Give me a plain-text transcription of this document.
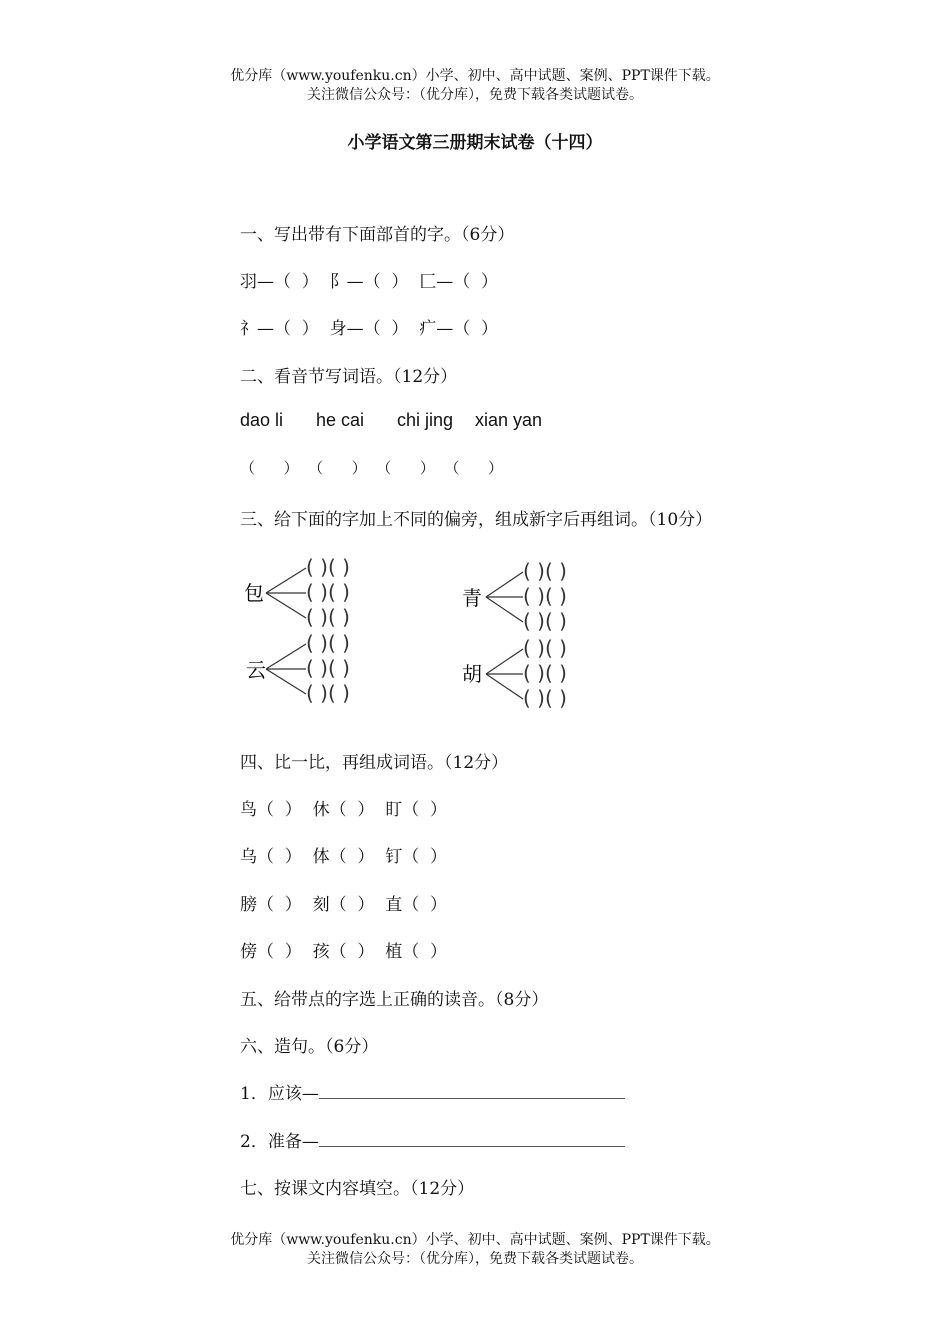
优分库（www.youfenku.cn）小学、初中、高中试题、案例、PPT课件下载。
关注微信公众号：（优分库），免费下载各类试题试卷。
小学语文第三册期末试卷（十四）
一、写出带有下面部首的字。（6分）
羽—（  ）  阝—（  ）  匚—（  ）
礻—（  ）  身—（  ）  疒—（  ）
二、看音节写词语。（12分）
dao li he cai chi jing xian yan
（      ）  （      ）  （      ）  （      ）
三、给下面的字加上不同的偏旁，组成新字后再组词。（10分）
包	青
云	胡
( )( )
( )( )
( )( )
( )( )
( )( )
( )( )
( )( )
( )( )
( )( )
( )( )
( )( )
( )( )
四、比一比，再组成词语。（12分）
鸟（  ）  休（  ）  盯（  ）
乌（  ）  体（  ）  钉（  ）
膀（  ）  刻（  ）  直（  ）
傍（  ）  孩（  ）  植（  ）
五、给带点的字选上正确的读音。（8分）
六、造句。（6分）
1．应该—
2．准备—
七、按课文内容填空。（12分）
优分库（www.youfenku.cn）小学、初中、高中试题、案例、PPT课件下载。
关注微信公众号：（优分库），免费下载各类试题试卷。
